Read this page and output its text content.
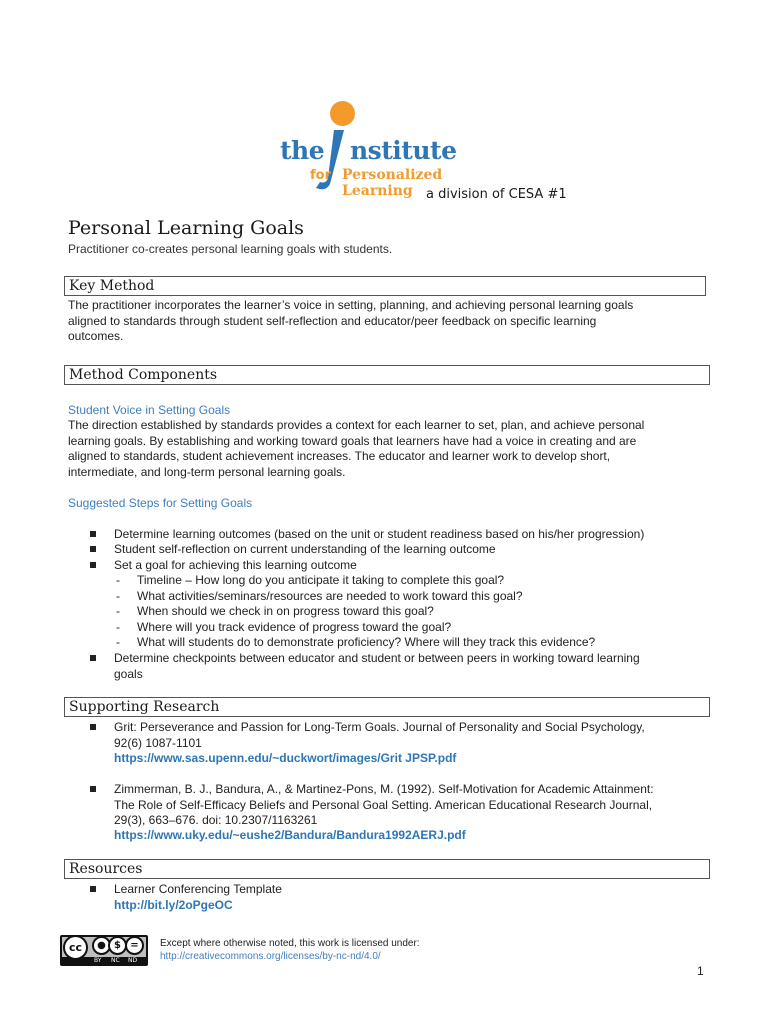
the nstitute
for Personalized Learning	a division of CESA #1
Personal Learning Goals
Practitioner co-creates personal learning goals with students.
Key Method
The practitioner incorporates the learner’s voice in setting, planning, and achieving personal learning goals
aligned to standards through student self-reflection and educator/peer feedback on specific learning
outcomes.
Method Components
Student Voice in Setting Goals
The direction established by standards provides a context for each learner to set, plan, and achieve personal
learning goals. By establishing and working toward goals that learners have had a voice in creating and are
aligned to standards, student achievement increases. The educator and learner work to develop short,
intermediate, and long-term personal learning goals.
Suggested Steps for Setting Goals
Determine learning outcomes (based on the unit or student readiness based on his/her progression)
Student self-reflection on current understanding of the learning outcome
Set a goal for achieving this learning outcome
- Timeline – How long do you anticipate it taking to complete this goal?
- What activities/seminars/resources are needed to work toward this goal?
- When should we check in on progress toward this goal?
- Where will you track evidence of progress toward the goal?
- What will students do to demonstrate proficiency? Where will they track this evidence?
Determine checkpoints between educator and student or between peers in working toward learning
goals
Supporting Research
Grit: Perseverance and Passion for Long-Term Goals. Journal of Personality and Social Psychology,
92(6) 1087-1101
https://www.sas.upenn.edu/~duckwort/images/Grit JPSP.pdf
Zimmerman, B. J., Bandura, A., & Martinez-Pons, M. (1992). Self-Motivation for Academic Attainment:
The Role of Self-Efficacy Beliefs and Personal Goal Setting. American Educational Research Journal,
29(3), 663–676. doi: 10.2307/1163261
https://www.uky.edu/~eushe2/Bandura/Bandura1992AERJ.pdf
Resources
Learner Conferencing Template
http://bit.ly/2oPgeOC
cc	● $ =
BY NC ND
Except where otherwise noted, this work is licensed under:
http://creativecommons.org/licenses/by-nc-nd/4.0/
1
